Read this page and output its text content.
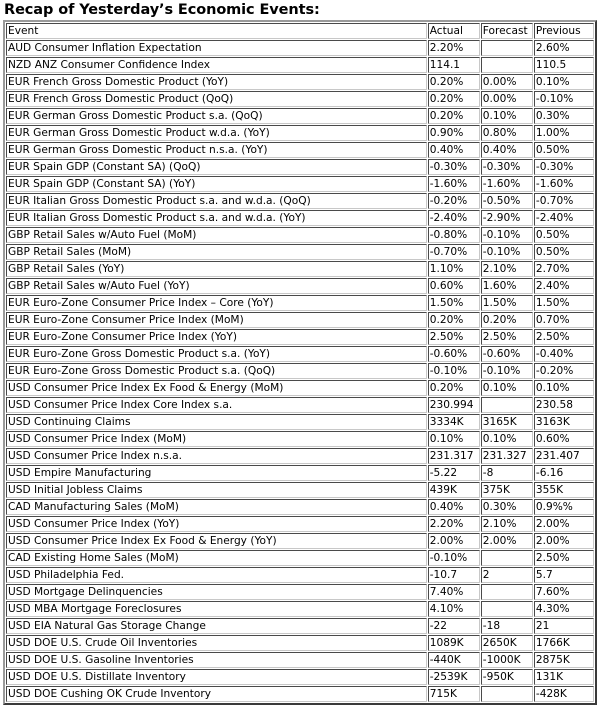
Recap of Yesterday’s Economic Events:
Event	Actual	Forecast	Previous
AUD Consumer Inflation Expectation	2.20%		2.60%
NZD ANZ Consumer Confidence Index	114.1		110.5
EUR French Gross Domestic Product (YoY)	0.20%	0.00%	0.10%
EUR French Gross Domestic Product (QoQ)	0.20%	0.00%	-0.10%
EUR German Gross Domestic Product s.a. (QoQ)	0.20%	0.10%	0.30%
EUR German Gross Domestic Product w.d.a. (YoY)	0.90%	0.80%	1.00%
EUR German Gross Domestic Product n.s.a. (YoY)	0.40%	0.40%	0.50%
EUR Spain GDP (Constant SA) (QoQ)	-0.30%	-0.30%	-0.30%
EUR Spain GDP (Constant SA) (YoY)	-1.60%	-1.60%	-1.60%
EUR Italian Gross Domestic Product s.a. and w.d.a. (QoQ)	-0.20%	-0.50%	-0.70%
EUR Italian Gross Domestic Product s.a. and w.d.a. (YoY)	-2.40%	-2.90%	-2.40%
GBP Retail Sales w/Auto Fuel (MoM)	-0.80%	-0.10%	0.50%
GBP Retail Sales (MoM)	-0.70%	-0.10%	0.50%
GBP Retail Sales (YoY)	1.10%	2.10%	2.70%
GBP Retail Sales w/Auto Fuel (YoY)	0.60%	1.60%	2.40%
EUR Euro-Zone Consumer Price Index – Core (YoY)	1.50%	1.50%	1.50%
EUR Euro-Zone Consumer Price Index (MoM)	0.20%	0.20%	0.70%
EUR Euro-Zone Consumer Price Index (YoY)	2.50%	2.50%	2.50%
EUR Euro-Zone Gross Domestic Product s.a. (YoY)	-0.60%	-0.60%	-0.40%
EUR Euro-Zone Gross Domestic Product s.a. (QoQ)	-0.10%	-0.10%	-0.20%
USD Consumer Price Index Ex Food & Energy (MoM)	0.20%	0.10%	0.10%
USD Consumer Price Index Core Index s.a.	230.994		230.58
USD Continuing Claims	3334K	3165K	3163K
USD Consumer Price Index (MoM)	0.10%	0.10%	0.60%
USD Consumer Price Index n.s.a.	231.317	231.327	231.407
USD Empire Manufacturing	-5.22	-8	-6.16
USD Initial Jobless Claims	439K	375K	355K
CAD Manufacturing Sales (MoM)	0.40%	0.30%	0.9%%
USD Consumer Price Index (YoY)	2.20%	2.10%	2.00%
USD Consumer Price Index Ex Food & Energy (YoY)	2.00%	2.00%	2.00%
CAD Existing Home Sales (MoM)	-0.10%		2.50%
USD Philadelphia Fed.	-10.7	2	5.7
USD Mortgage Delinquencies	7.40%		7.60%
USD MBA Mortgage Foreclosures	4.10%		4.30%
USD EIA Natural Gas Storage Change	-22	-18	21
USD DOE U.S. Crude Oil Inventories	1089K	2650K	1766K
USD DOE U.S. Gasoline Inventories	-440K	-1000K	2875K
USD DOE U.S. Distillate Inventory	-2539K	-950K	131K
USD DOE Cushing OK Crude Inventory	715K		-428K
